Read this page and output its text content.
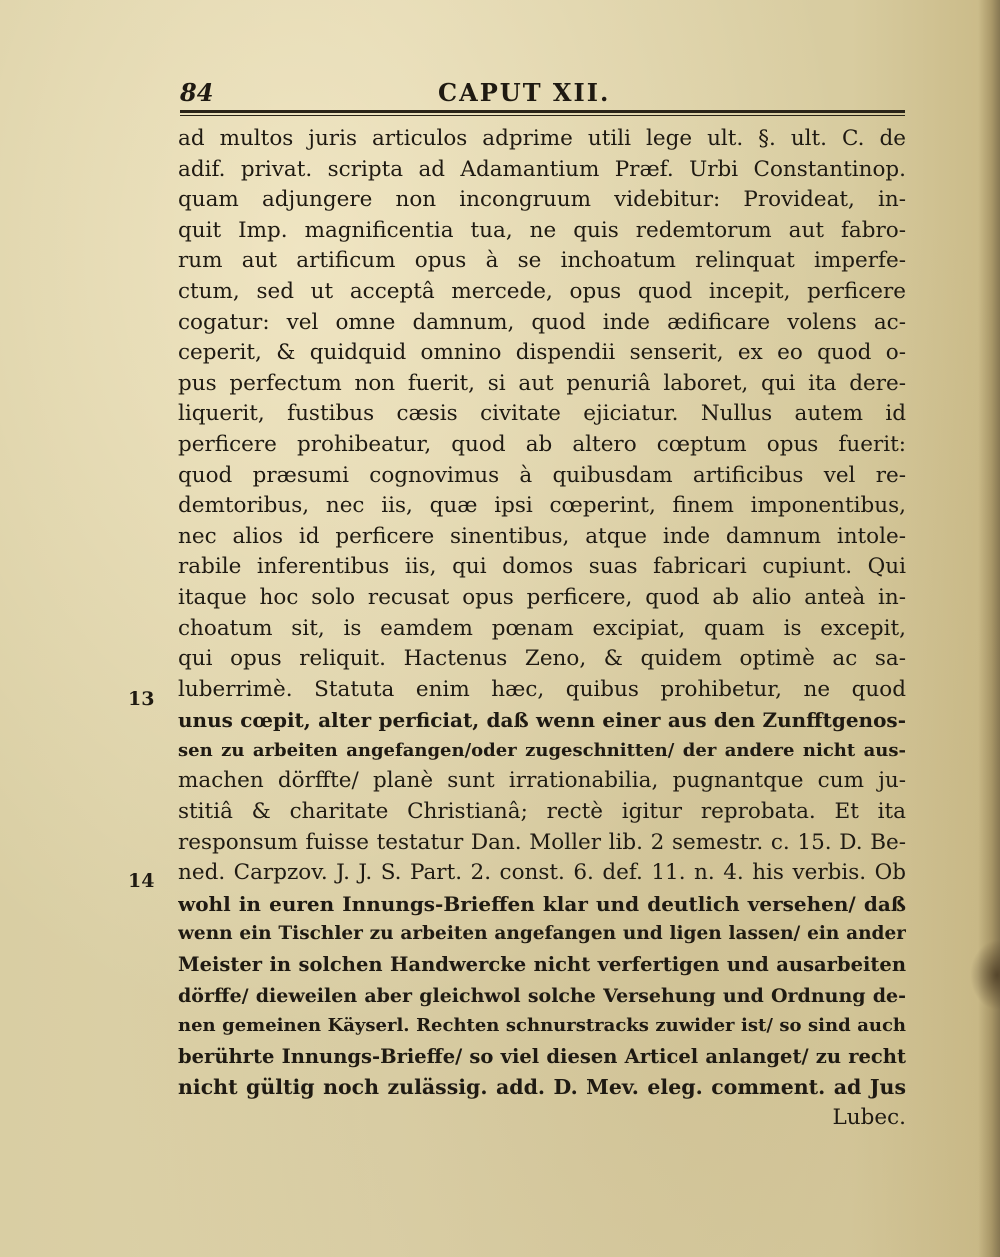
84	CAPUT XII.
13
14
ad multos juris articulos adprime utili lege ult. §. ult. C. de
adif. privat. scripta ad Adamantium Præf. Urbi Constantinop.
quam adjungere non incongruum videbitur: Provideat, in-
quit Imp. magnificentia tua, ne quis redemtorum aut fabro-
rum aut artificum opus à se inchoatum relinquat imperfe-
ctum, sed ut acceptâ mercede, opus quod incepit, perficere
cogatur: vel omne damnum, quod inde ædificare volens ac-
ceperit, & quidquid omnino dispendii senserit, ex eo quod o-
pus perfectum non fuerit, si aut penuriâ laboret, qui ita dere-
liquerit, fustibus cæsis civitate ejiciatur. Nullus autem id
perficere prohibeatur, quod ab altero cœptum opus fuerit:
quod præsumi cognovimus à quibusdam artificibus vel re-
demtoribus, nec iis, quæ ipsi cœperint, finem imponentibus,
nec alios id perficere sinentibus, atque inde damnum intole-
rabile inferentibus iis, qui domos suas fabricari cupiunt. Qui
itaque hoc solo recusat opus perficere, quod ab alio anteà in-
choatum sit, is eamdem pœnam excipiat, quam is excepit,
qui opus reliquit. Hactenus Zeno, & quidem optimè ac sa-
luberrimè. Statuta enim hæc, quibus prohibetur, ne quod
unus cœpit, alter perficiat, daß wenn einer aus den Zunfftgenos-
sen zu arbeiten angefangen/oder zugeschnitten/ der andere nicht aus-
machen dörffte/ planè sunt irrationabilia, pugnantque cum ju-
stitiâ & charitate Christianâ; rectè igitur reprobata. Et ita
responsum fuisse testatur Dan. Moller lib. 2 semestr. c. 15. D. Be-
ned. Carpzov. J. J. S. Part. 2. const. 6. def. 11. n. 4. his verbis. Ob
wohl in euren Innungs-Brieffen klar und deutlich versehen/ daß
wenn ein Tischler zu arbeiten angefangen und ligen lassen/ ein ander
Meister in solchen Handwercke nicht verfertigen und ausarbeiten
dörffe/ dieweilen aber gleichwol solche Versehung und Ordnung de-
nen gemeinen Käyserl. Rechten schnurstracks zuwider ist/ so sind auch
berührte Innungs-Brieffe/ so viel diesen Articel anlanget/ zu recht
nicht gültig noch zulässig. add. D. Mev. eleg. comment. ad Jus
Lubec.
